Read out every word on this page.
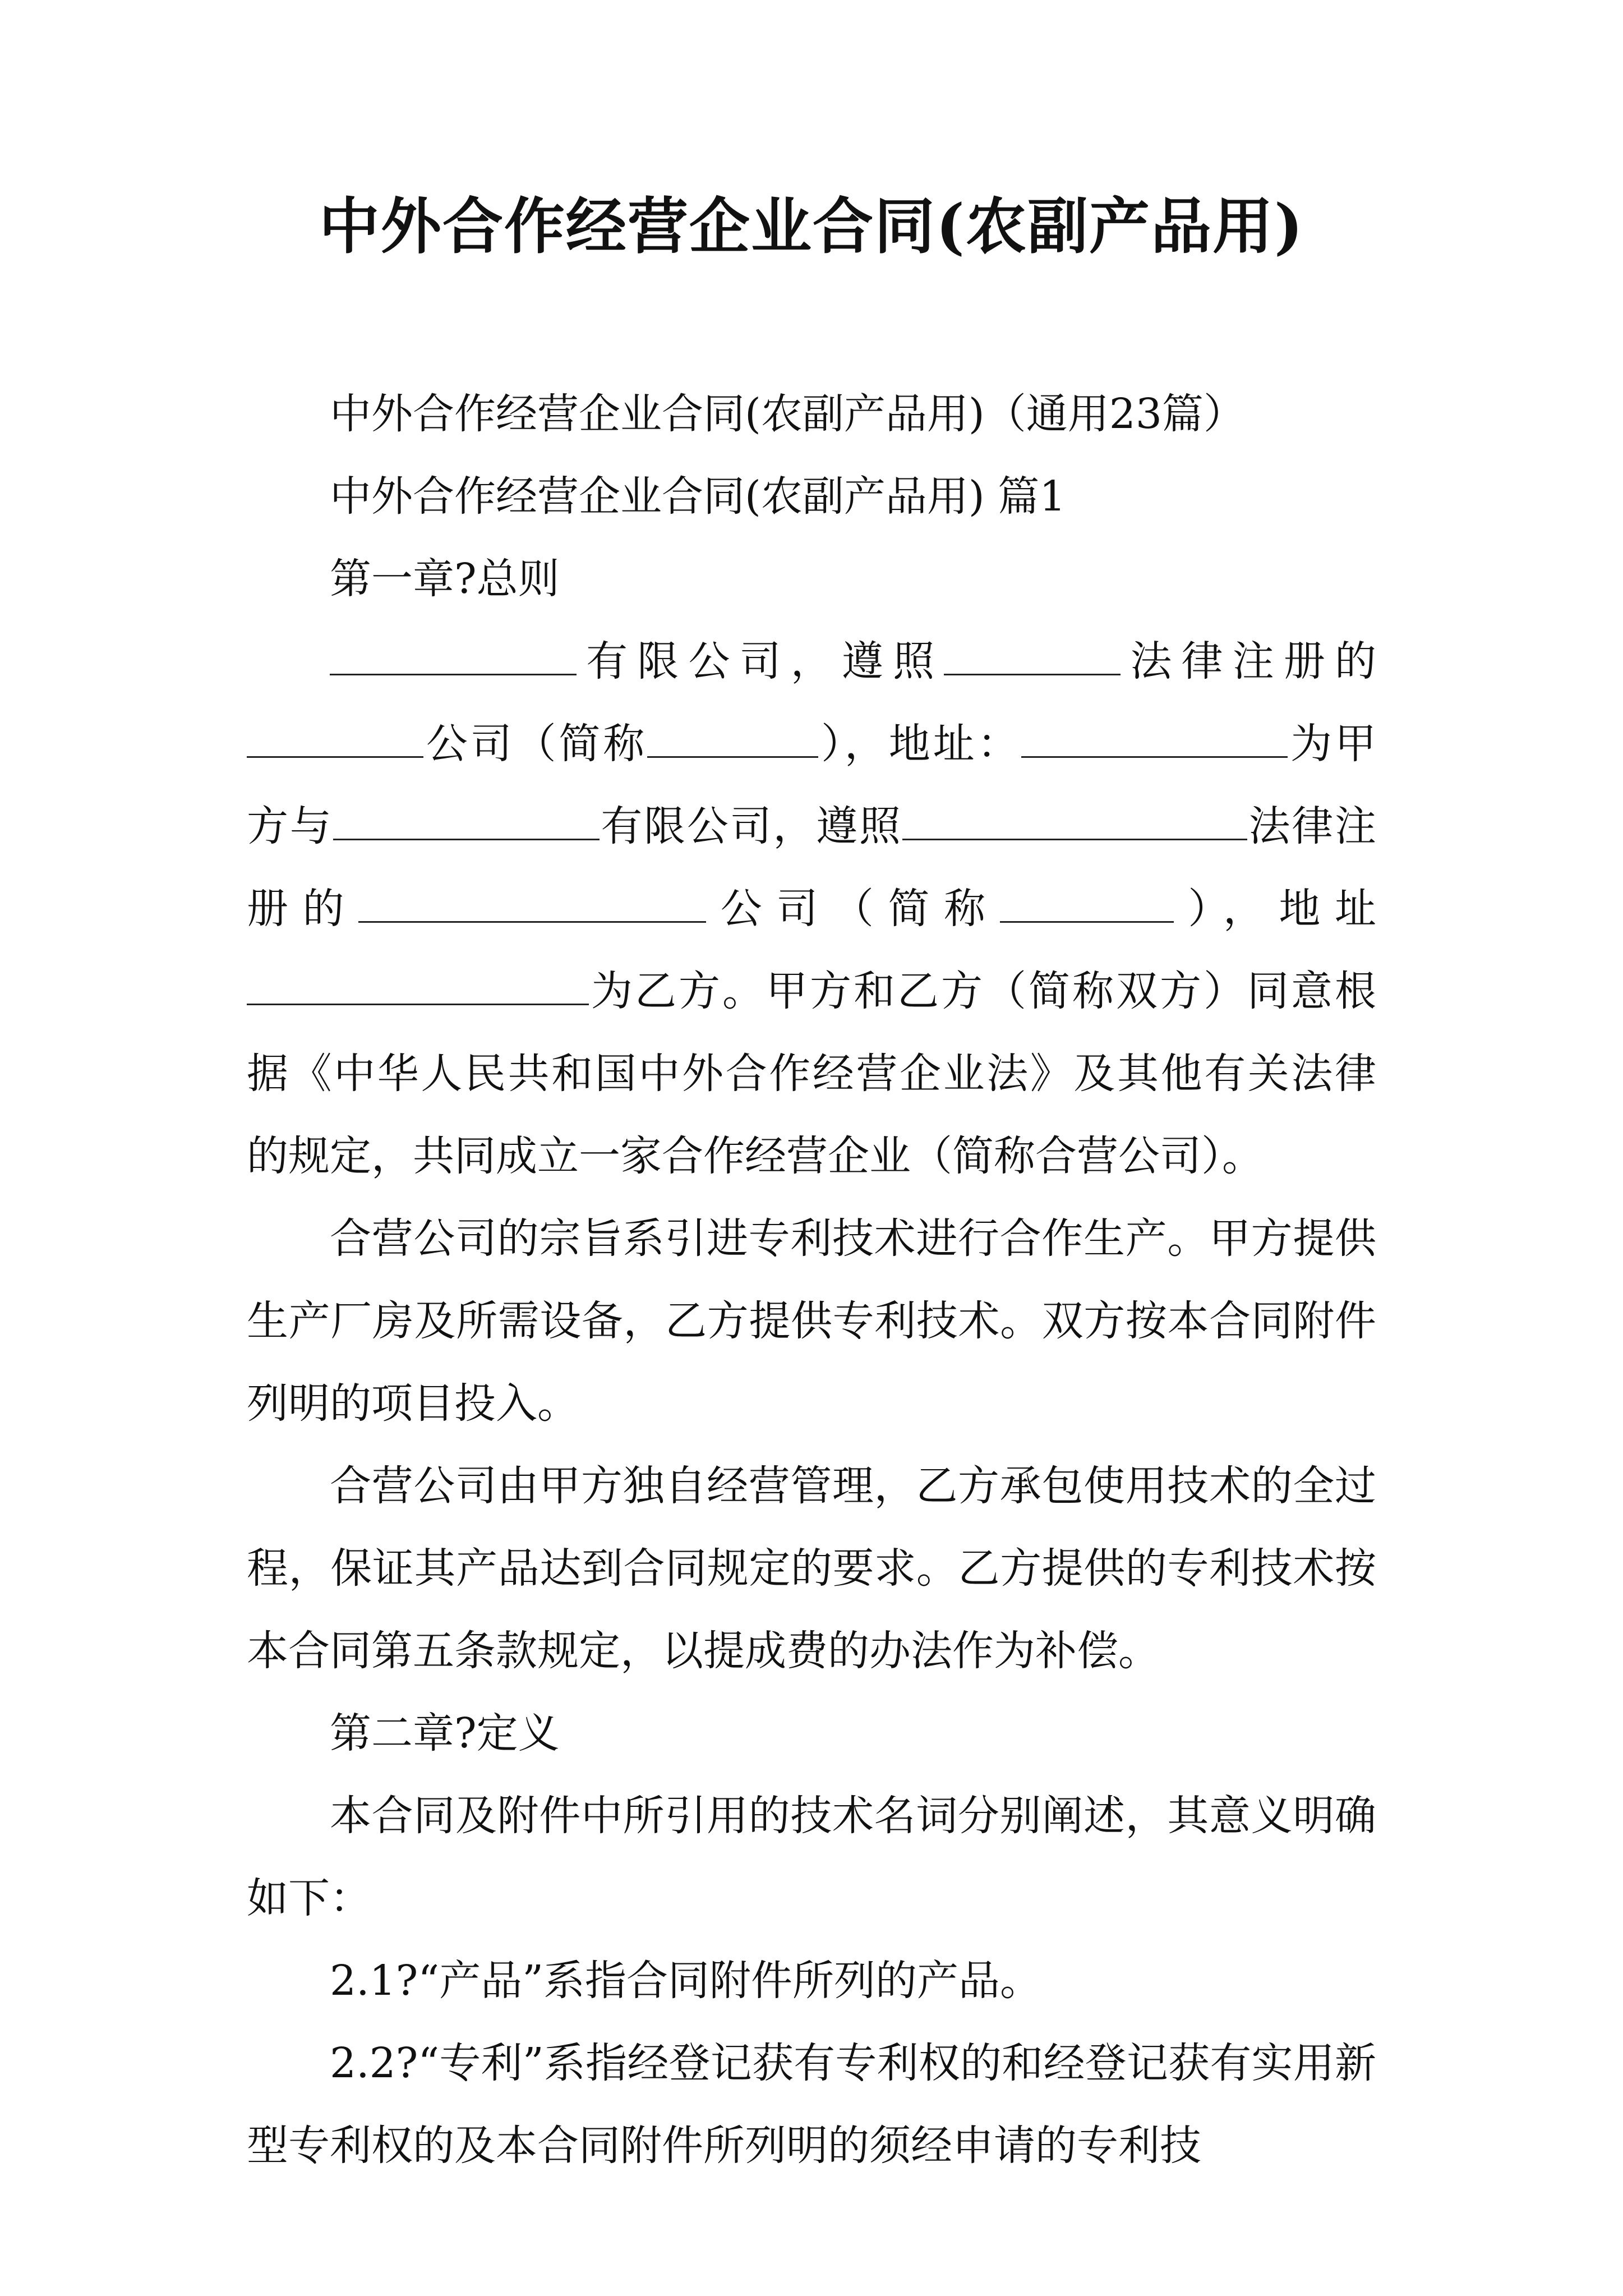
中外合作经营企业合同(农副产品用)

中外合作经营企业合同(农副产品用)（通用23篇）

中外合作经营企业合同(农副产品用) 篇1

第一章?总则

有限公司，遵照	法律注册的
公司（简称	），地址：	为甲
方与	有限公司，遵照	法律注
册的	公司（简称	），地址
为乙方。甲方和乙方（简称双方）同意根
据《中华人民共和国中外合作经营企业法》及其他有关法律
的规定，共同成立一家合作经营企业（简称合营公司）。

合营公司的宗旨系引进专利技术进行合作生产。甲方提供生产厂房及所需设备，乙方提供专利技术。双方按本合同附件列明的项目投入。

合营公司由甲方独自经营管理，乙方承包使用技术的全过程，保证其产品达到合同规定的要求。乙方提供的专利技术按本合同第五条款规定，以提成费的办法作为补偿。

第二章?定义

本合同及附件中所引用的技术名词分别阐述，其意义明确如下：

2.1?“产品”系指合同附件所列的产品。

2.2?“专利”系指经登记获有专利权的和经登记获有实用新型专利权的及本合同附件所列明的须经申请的专利技
